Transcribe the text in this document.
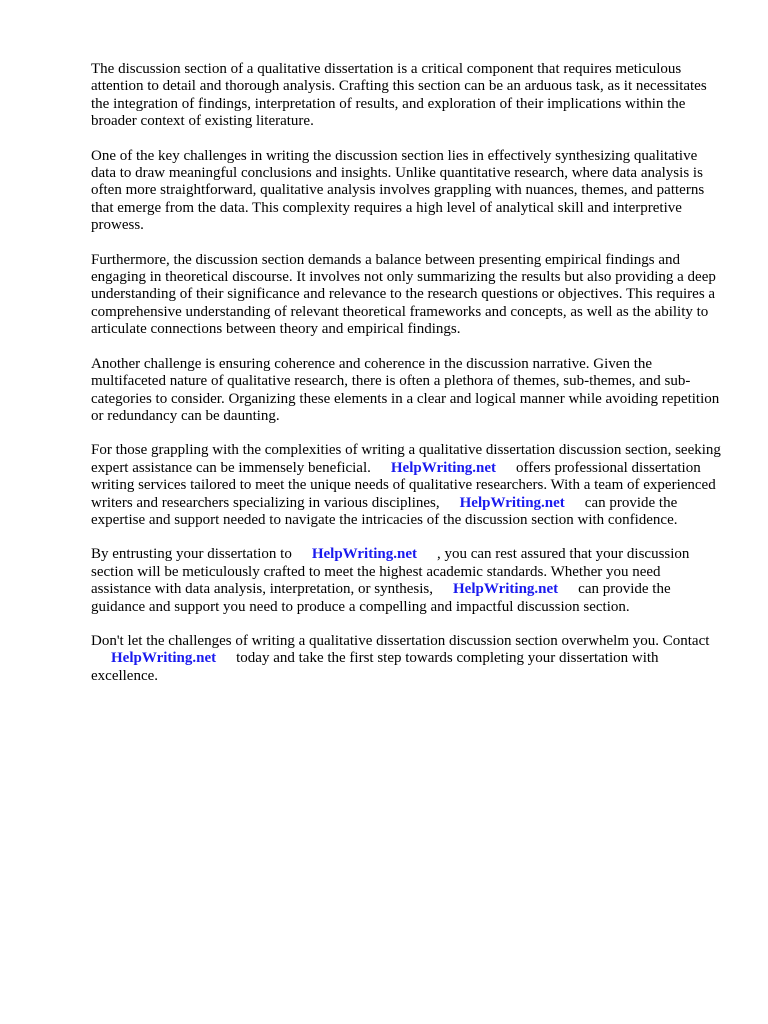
The discussion section of a qualitative dissertation is a critical component that requires meticulous attention to detail and thorough analysis. Crafting this section can be an arduous task, as it necessitates the integration of findings, interpretation of results, and exploration of their implications within the broader context of existing literature.

One of the key challenges in writing the discussion section lies in effectively synthesizing qualitative data to draw meaningful conclusions and insights. Unlike quantitative research, where data analysis is often more straightforward, qualitative analysis involves grappling with nuances, themes, and patterns that emerge from the data. This complexity requires a high level of analytical skill and interpretive prowess.

Furthermore, the discussion section demands a balance between presenting empirical findings and engaging in theoretical discourse. It involves not only summarizing the results but also providing a deep understanding of their significance and relevance to the research questions or objectives. This requires a comprehensive understanding of relevant theoretical frameworks and concepts, as well as the ability to articulate connections between theory and empirical findings.

Another challenge is ensuring coherence and coherence in the discussion narrative. Given the multifaceted nature of qualitative research, there is often a plethora of themes, sub-themes, and sub-categories to consider. Organizing these elements in a clear and logical manner while avoiding repetition or redundancy can be daunting.

For those grappling with the complexities of writing a qualitative dissertation discussion section, seeking expert assistance can be immensely beneficial. HelpWriting.net offers professional dissertation writing services tailored to meet the unique needs of qualitative researchers. With a team of experienced writers and researchers specializing in various disciplines, HelpWriting.net can provide the expertise and support needed to navigate the intricacies of the discussion section with confidence.

By entrusting your dissertation to HelpWriting.net , you can rest assured that your discussion section will be meticulously crafted to meet the highest academic standards. Whether you need assistance with data analysis, interpretation, or synthesis, HelpWriting.net can provide the guidance and support you need to produce a compelling and impactful discussion section.

Don't let the challenges of writing a qualitative dissertation discussion section overwhelm you. ContactHelpWriting.net today and take the first step towards completing your dissertation with excellence.
